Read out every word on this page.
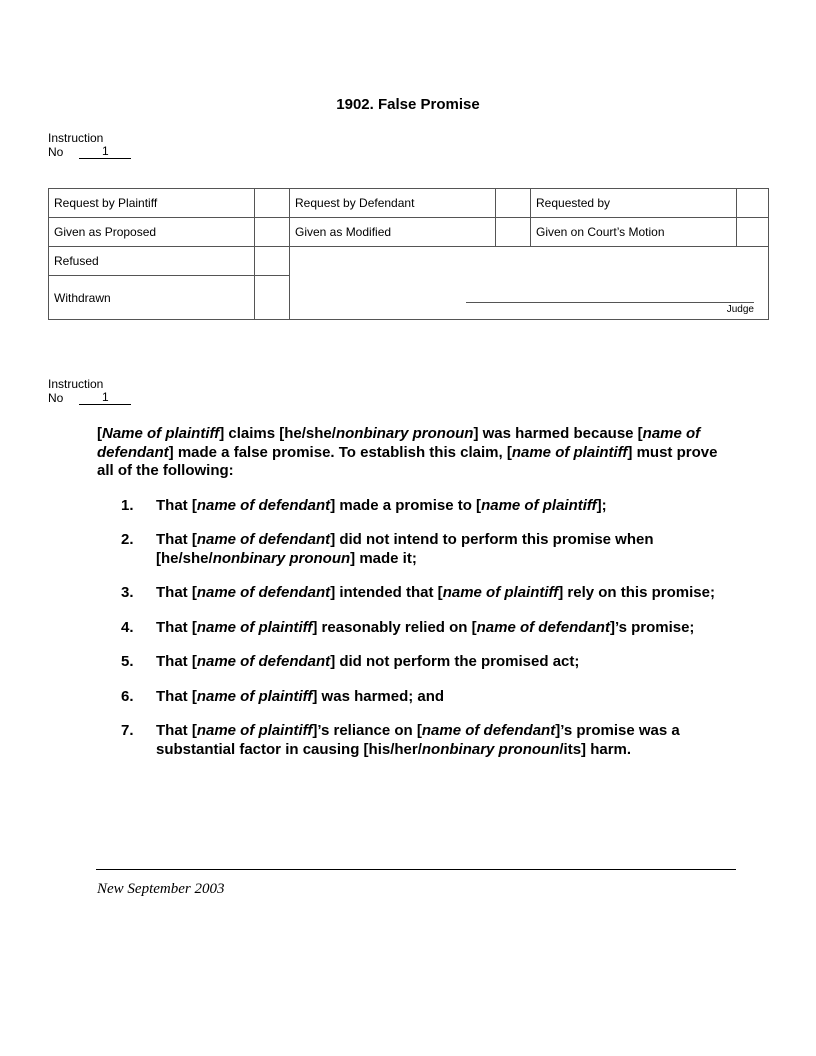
1902. False Promise
Instruction
No	1
Request by Plaintiff		Request by Defendant		Requested by	
Given as Proposed		Given as Modified		Given on Court’s Motion	
Refused		Judge			

Withdrawn					
Instruction
No	1

[Name of plaintiff] claims [he/she/nonbinary pronoun] was harmed because [name of defendant] made a false promise. To establish this claim, [name of plaintiff] must prove all of the following:

1. That [name of defendant] made a promise to [name of plaintiff];
2. That [name of defendant] did not intend to perform this promise when [he/she/nonbinary pronoun] made it;
3. That [name of defendant] intended that [name of plaintiff] rely on this promise;
4. That [name of plaintiff] reasonably relied on [name of defendant]’s promise;
5. That [name of defendant] did not perform the promised act;
6. That [name of plaintiff] was harmed; and
7. That [name of plaintiff]’s reliance on [name of defendant]’s promise was a substantial factor in causing [his/her/nonbinary pronoun/its] harm.
New September 2003
